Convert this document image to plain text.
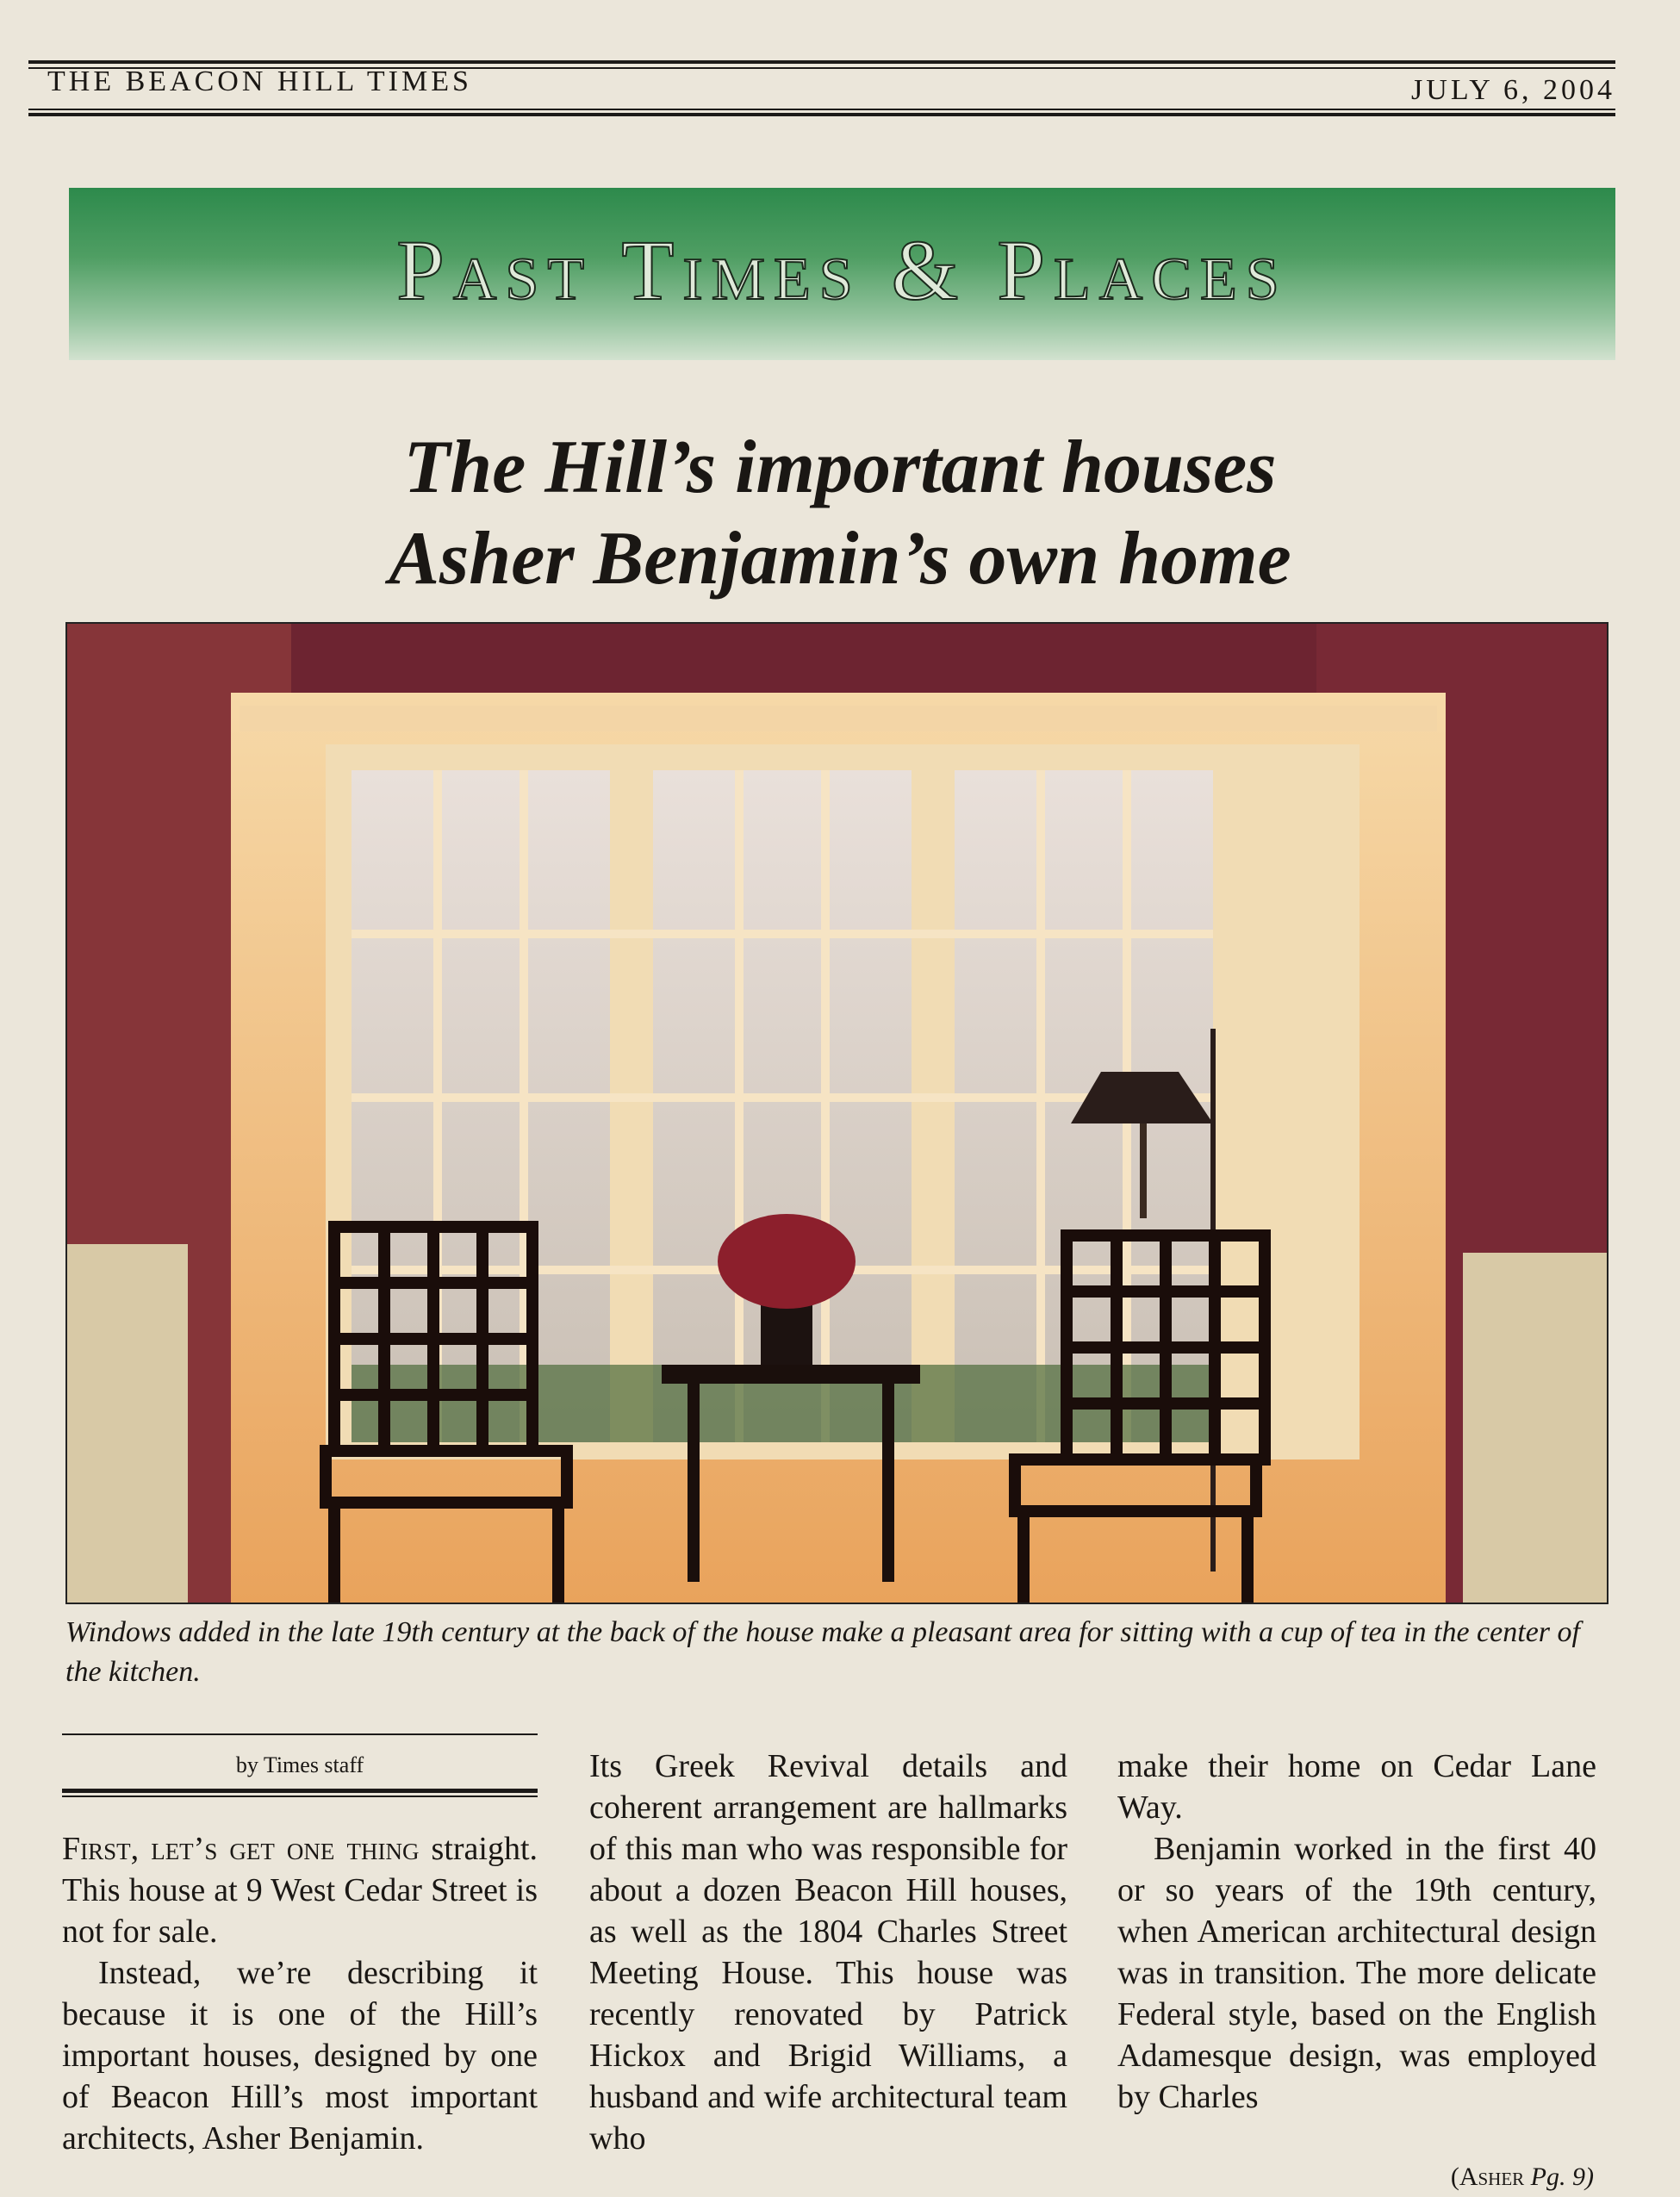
THE BEACON HILL TIMES	JULY 6, 2004
Past Times & Places
The Hill’s important houses
Asher Benjamin’s own home
Windows added in the late 19th century at the back of the house make a pleasant area for sitting with a cup of tea in the center of the kitchen.
by Times staff

First, let’s get one thing straight. This house at 9 West Cedar Street is not for sale.

Instead, we’re describing it because it is one of the Hill’s important houses, designed by one of Beacon Hill’s most important architects, Asher Benjamin.

Its Greek Revival details and coherent arrangement are hallmarks of this man who was responsible for about a dozen Beacon Hill houses, as well as the 1804 Charles Street Meeting House. This house was recently renovated by Patrick Hickox and Brigid Williams, a husband and wife architectural team who

make their home on Cedar Lane Way.

Benjamin worked in the first 40 or so years of the 19th century, when American architectural design was in transition. The more delicate Federal style, based on the English Adamesque design, was employed by Charles

(Asher Pg. 9)
